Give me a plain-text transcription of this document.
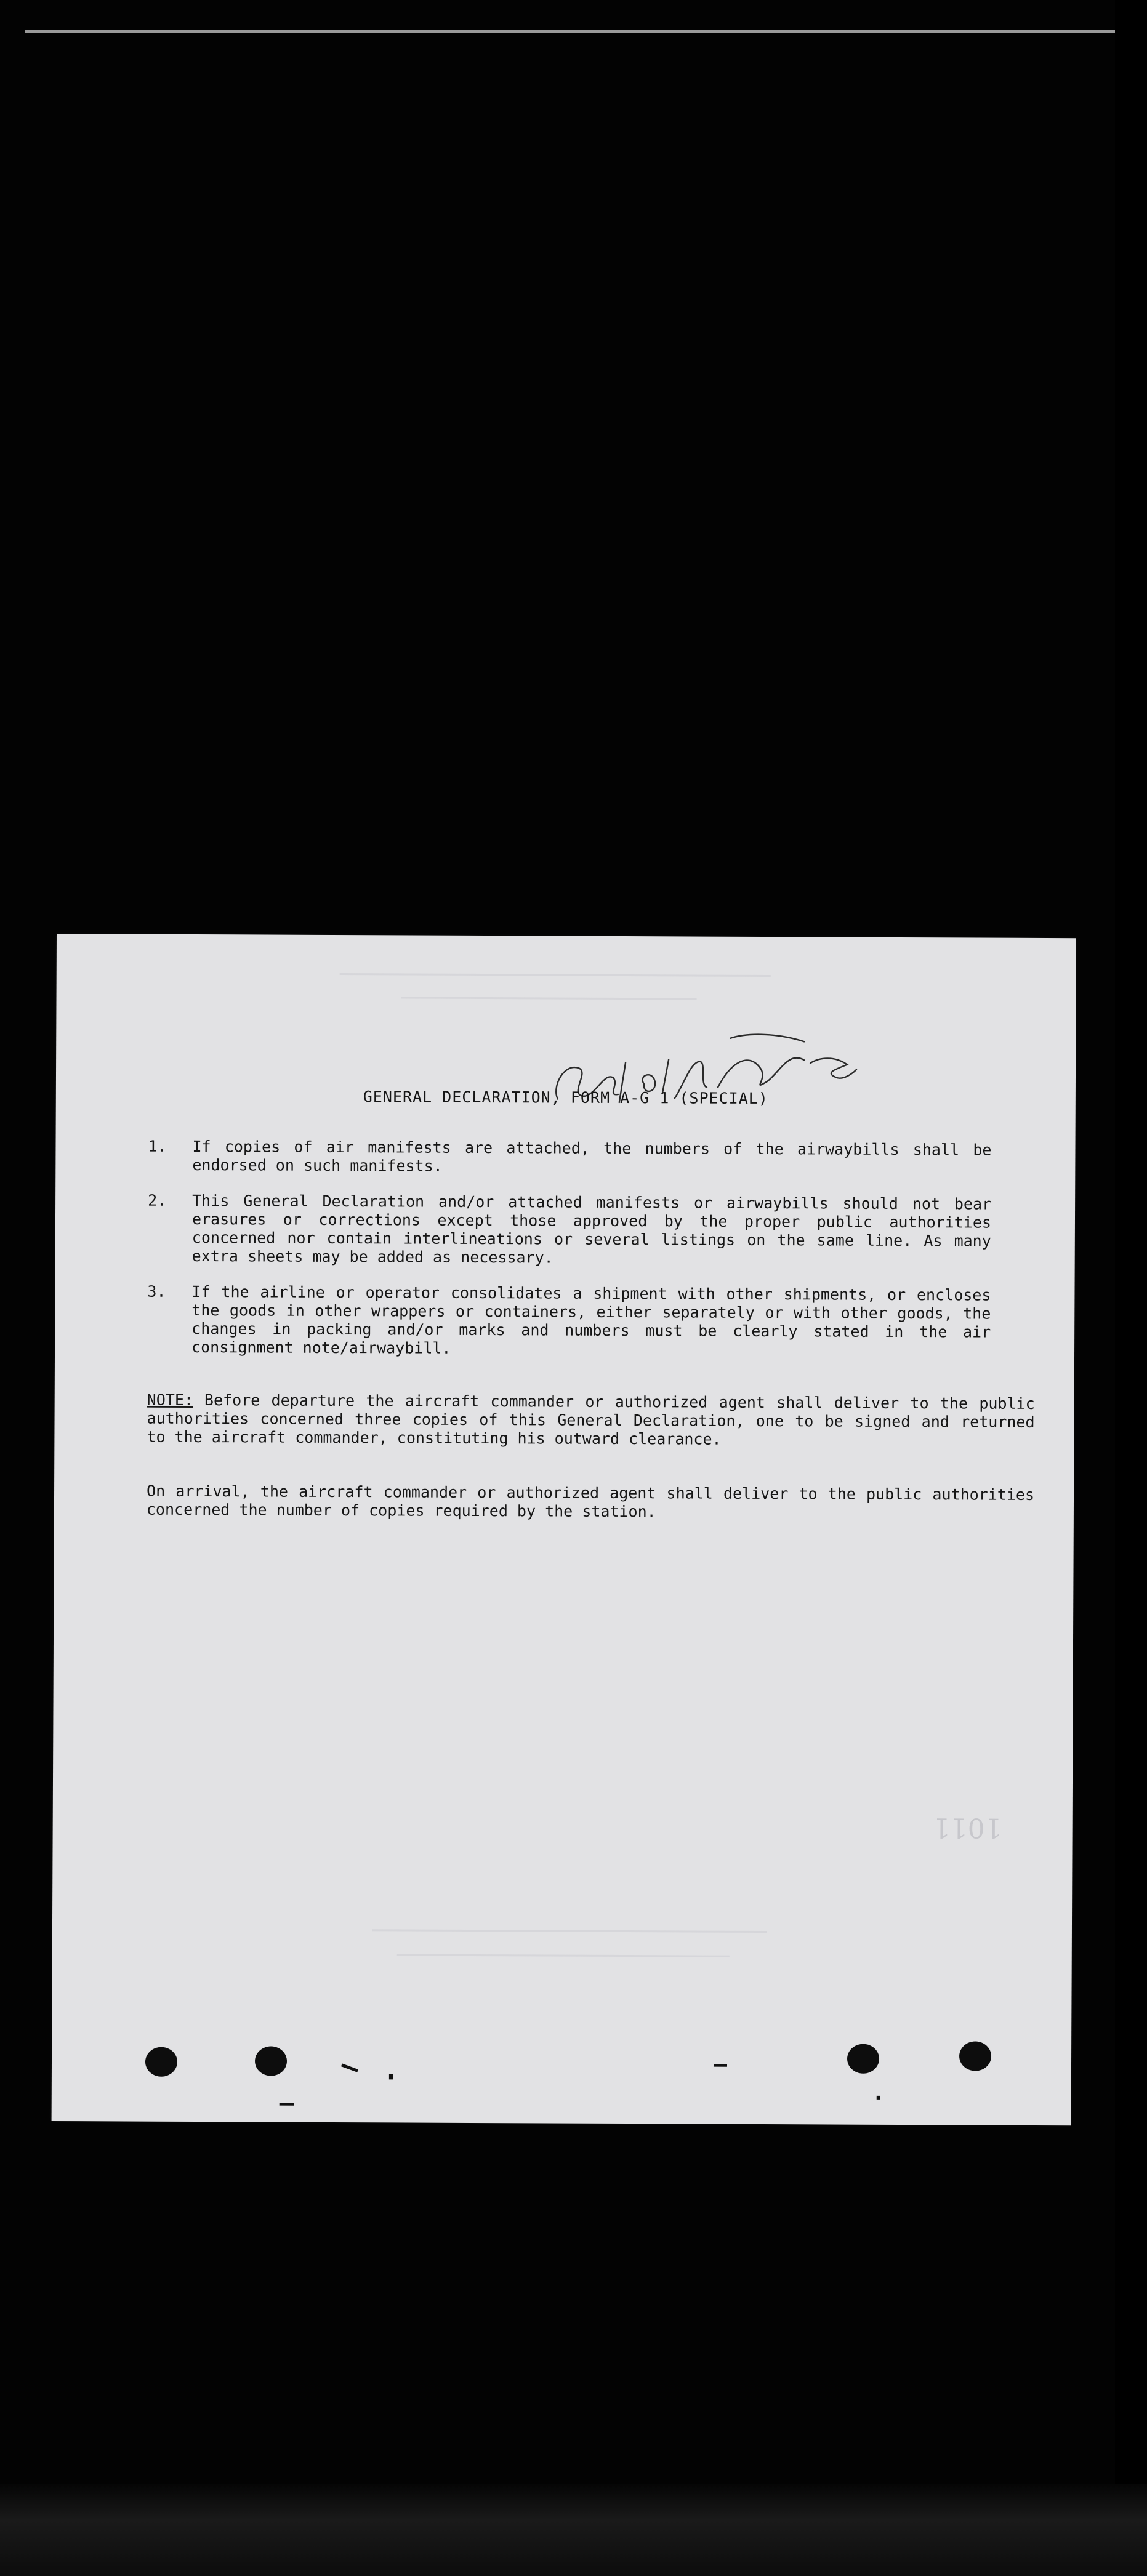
1011
GENERAL DECLARATION, FORM A-G 1 (SPECIAL)
1. If copies of air manifests are attached, the numbers of the airwaybills shall be endorsed on such manifests.
2. This General Declaration and/or attached manifests or airwaybills should not bear erasures or corrections except those approved by the proper public authorities concerned nor contain interlineations or several listings on the same line. As many extra sheets may be added as necessary.
3. If the airline or operator consolidates a shipment with other shipments, or encloses the goods in other wrappers or containers, either separately or with other goods, the changes in packing and/or marks and numbers must be clearly stated in the air consignment note/airwaybill.
NOTE: Before departure the aircraft commander or authorized agent shall deliver to the public authorities concerned three copies of this General Declaration, one to be signed and returned to the aircraft commander, constituting his outward clearance.
On arrival, the aircraft commander or authorized agent shall deliver to the public authorities concerned the number of copies required by the station.
